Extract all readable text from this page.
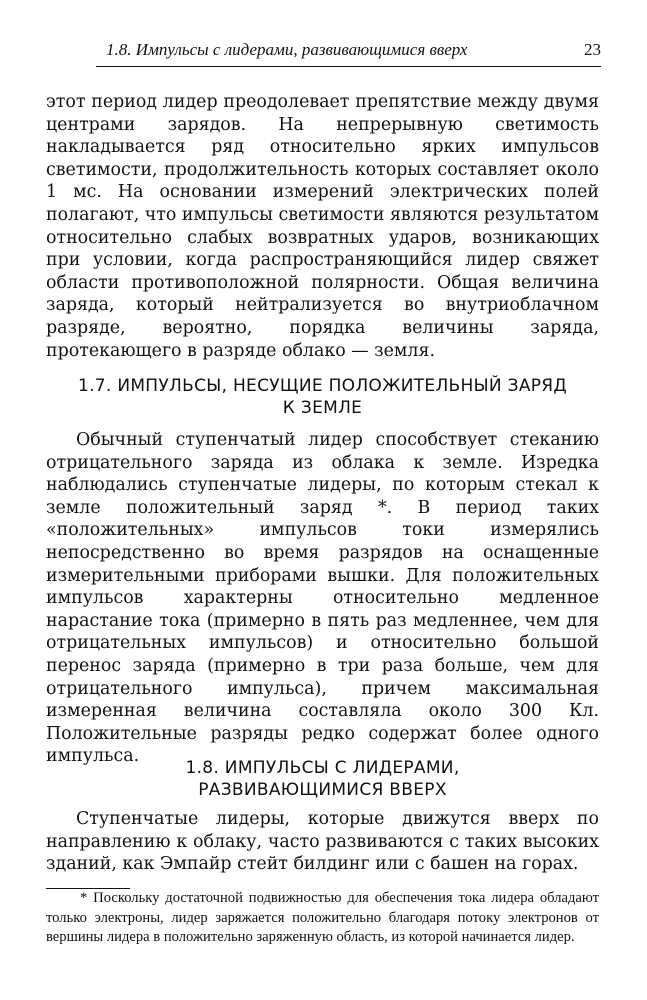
1.8. Импульсы с лидерами, развивающимися вверх	23

этот период лидер преодолевает препятствие между двумя центрами зарядов. На непрерывную светимость накладывается ряд относительно ярких импульсов светимости, продолжительность которых составляет около 1 мс. На основании измерений электрических полей полагают, что импульсы светимости являются результатом относительно слабых возвратных ударов, возникающих при условии, когда распространяющийся лидер свяжет области противоположной полярности. Общая величина заряда, который нейтрализуется во внутриоблачном разряде, вероятно, порядка величины заряда, протекающего в разряде облако — земля.

1.7. ИМПУЛЬСЫ, НЕСУЩИЕ ПОЛОЖИТЕЛЬНЫЙ ЗАРЯД
К ЗЕМЛЕ

Обычный ступенчатый лидер способствует стеканию отрицательного заряда из облака к земле. Изредка наблюдались ступенчатые лидеры, по которым стекал к земле положительный заряд *. В период таких «положительных» импульсов токи измерялись непосредственно во время разрядов на оснащенные измерительными приборами вышки. Для положительных импульсов характерны относительно медленное нарастание тока (примерно в пять раз медленнее, чем для отрицательных импульсов) и относительно большой перенос заряда (примерно в три раза больше, чем для отрицательного импульса), причем максимальная измеренная величина составляла около 300 Кл. Положительные разряды редко содержат более одного импульса.

1.8. ИМПУЛЬСЫ С ЛИДЕРАМИ,
РАЗВИВАЮЩИМИСЯ ВВЕРХ

Ступенчатые лидеры, которые движутся вверх по направлению к облаку, часто развиваются с таких высоких зданий, как Эмпайр стейт билдинг или с башен на горах.

* Поскольку достаточной подвижностью для обеспечения тока лидера обладают только электроны, лидер заряжается положительно благодаря потоку электронов от вершины лидера в положительно заряженную область, из которой начинается лидер.
